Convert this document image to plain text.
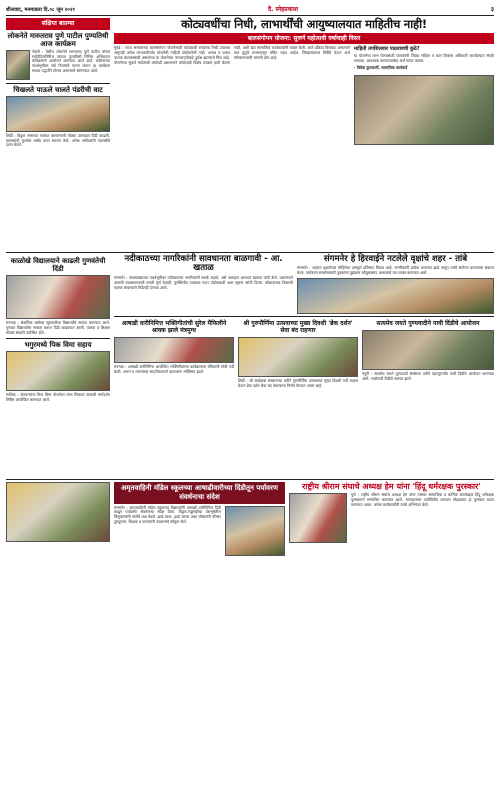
शीलवाद, मनमाडला दि.०८ जून २०२१	दै. स्नेहप्रकाश	३
संक्षिप्त बातम्या
लोकनेते मारुतराव पुणे पाटील पुण्यतिथी आज कार्यक्रम
नेवासे : येथील लोकनेते मारुतराव पुणे पाटील यांच्या स्मृतिदिनानिमित्त त्यांच्या पुण्यतिथी निमित्त अभिवादन कार्यक्रमाचे आयोजन करण्यात आले आहे. कोरोनाच्या पार्श्वभूमीवर सर्व नियमांचे पालन करून हा कार्यक्रम साध्या पद्धतीने होणार असल्याचे सांगण्यात आले.
चिखलते पाऊले चालते पंडरीची वाट
शिर्डी : विठ्ठल नामाच्या गजरात वारकऱ्यांनी मोठ्या उत्साहात दिंडी काढली. ग्रामस्थांनी फुलांचा वर्षाव करत स्वागत केले. अनेक भाविकांनी पालखीचे दर्शन घेतले.
कोट्यवधींचा निधी, लाभार्थींची आयुष्यालयात माहितीच नाही!
बालसंगोपन योजना: सुवर्ण महोत्सवी वर्षाचाही विसर
मुंबई : राज्य सरकारच्या बालसंगोपन योजनेसाठी कोट्यवधी रुपयांचा निधी उपलब्ध असूनही अनेक लाभार्थ्यांपर्यंत योजनेची माहिती पोहोचलेली नाही. अनाथ व एकल पालक बालकांसाठी असलेल्या या योजनेच्या जनजागृतीकडे दुर्लक्ष झाल्याचे चित्र आहे. योजनेच्या सुवर्ण महोत्सवी वर्षातही प्रशासनाने कोणताही विशेष उपक्रम हाती घेतला नाही, अशी खंत सामाजिक कार्यकर्त्यांनी व्यक्त केली. अर्ज प्रक्रिया किचकट असल्याने पात्र कुटुंबे लाभापासून वंचित राहत आहेत. जिल्हास्तरावर शिबिरे घेऊन अर्ज स्वीकारण्याची मागणी होत आहे.
माहिती तपशिलवार पाठवायची कुठे?
या योजनेचा लाभ घेण्यासाठी पालकांनी जिल्हा महिला व बाल विकास अधिकारी कार्यालयात संपर्क साधावा. आवश्यक कागदपत्रांसह अर्ज सादर करावा.
- विवेक कुलकर्णी, सामाजिक कार्यकर्ते
काळोखे विद्यालयाने काढली गुणवंतेची दिंडी
मनमाड : शैक्षणिक वर्षाच्या सुरुवातीला विद्यार्थ्यांचे स्वागत करण्यात आले. गुणवंत विद्यार्थ्यांचा सत्कार करून दिंडी काढण्यात आली. पालक व शिक्षक मोठ्या संख्येने उपस्थित होते.
भगुरमध्ये पिक विमा सहाय
नाशिक : शेतकऱ्यांना पिक विमा योजनेचा लाभ मिळावा यासाठी मार्गदर्शन शिबिर आयोजित करण्यात आले.
नदीकाठच्या नागरिकांनी सावधानता बाळगावी - आ. खताळ
संगमनेर : पावसाळ्याच्या पार्श्वभूमीवर नदीकाठच्या नागरिकांनी सतर्क राहावे, असे आवाहन आमदार खताळ यांनी केले. प्रशासनाने आपत्ती व्यवस्थापनाची तयारी पूर्ण ठेवावी, पूरस्थितीत तात्काळ मदत पोहोचवावी अशा सूचना त्यांनी दिल्या. धोकादायक ठिकाणी फलक लावण्याचे निर्देशही देण्यात आले.
संगमनेर हे हिरवाईने नटलेले वृक्षांचे शहर - तांबे
संगमनेर : शहरात वृक्षारोपण मोहिमेला उत्स्फूर्त प्रतिसाद मिळत आहे. नागरिकांनी प्रत्येक प्रभागात झाडे लावून त्यांचे संगोपन करण्याचा संकल्प केला. पर्यावरण संवर्धनासाठी युवकांचा पुढाकार कौतुकास्पद असल्याचे मत व्यक्त करण्यात आले.
आषाढी वारीनिमित्त भक्तिगीतांची सुरेल मैफिलीने श्रावक झाले मंत्रमुग्ध
मनमाड : आषाढी वारीनिमित्त आयोजित भक्तिगीतांच्या कार्यक्रमाला रसिकांनी मोठी गर्दी केली. अभंग व भजनांच्या सादरीकरणाने वातावरण भक्तिमय झाले.
श्री गुरुपौर्णिमा उत्सवाच्या मुख्य दिवशी 'ब्रेक दर्शन' सेवा बंद राहणार
शिर्डी : श्री साईबाबा संस्थानच्या वतीने गुरुपौर्णिमा उत्सवाच्या मुख्य दिवशी गर्दी लक्षात घेऊन ब्रेक दर्शन सेवा बंद ठेवण्याचा निर्णय घेण्यात आला आहे.
सत्यमेव जयते पुण्यवादीने पायी दिंडीचे आयोजन
राहुरी : सत्यमेव जयते पुण्यवादी संस्थेच्या वतीने पंढरपूरपर्यंत पायी दिंडीचे आयोजन करण्यात आले. गावोगावी दिंडीचे स्वागत झाले.
अमृतवाहिनी मॉडेल स्कूलच्या आषाढीवारीच्या दिंडीतून पर्यावरण संवर्धनाचा संदेश
संगमनेर : अमृतवाहिनी मॉडेल स्कूलच्या विद्यार्थ्यांनी आषाढी वारीनिमित्त दिंडी काढून पर्यावरण संवर्धनाचा संदेश दिला. विठ्ठल-रखुमाईच्या वेशभूषेतील चिमुकल्यांनी सर्वांचे लक्ष वेधले. झाडे लावा, झाडे जगवा अशा घोषणांनी परिसर दुमदुमला. शिक्षक व पालकांनी उपक्रमाचे कौतुक केले.
राष्ट्रीय श्रीराम संघाचे अध्यक्ष हेम यांना 'हिंदू धर्मरक्षक पुरस्कार'
पुणे : राष्ट्रीय श्रीराम संघाचे अध्यक्ष हेम यांना त्यांच्या सामाजिक व धार्मिक कार्याबद्दल हिंदू धर्मरक्षक पुरस्काराने सन्मानित करण्यात आले. मान्यवरांच्या उपस्थितीत शानदार सोहळ्यात हा पुरस्कार प्रदान करण्यात आला. अनेक कार्यकर्त्यांनी त्यांचे अभिनंदन केले.
